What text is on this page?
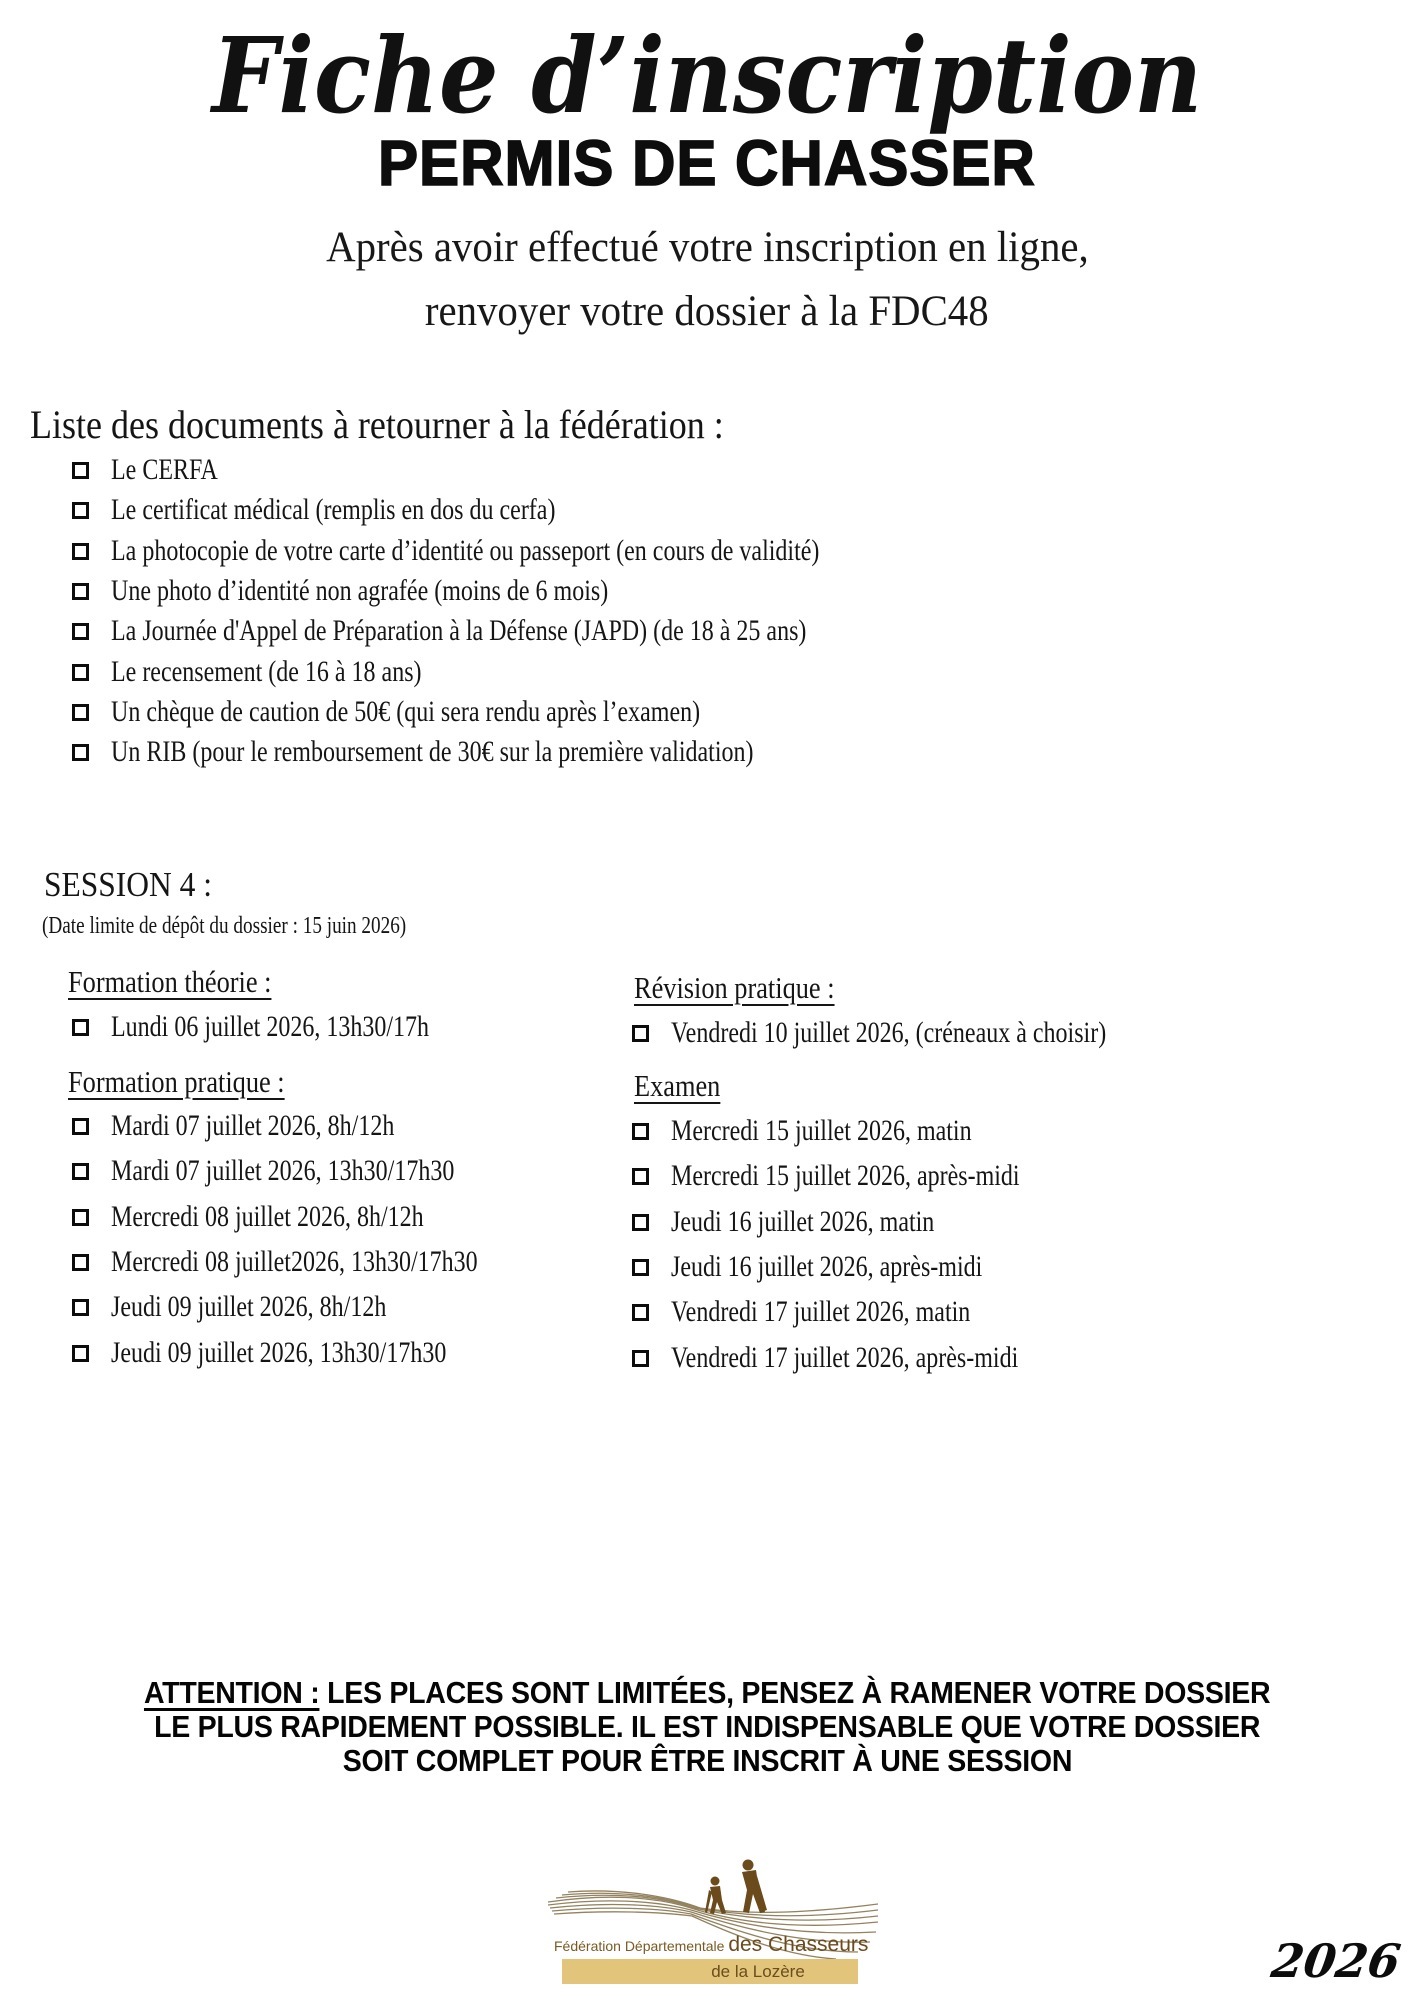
Fiche d’inscription
PERMIS DE CHASSER
Après avoir effectué votre inscription en ligne,
renvoyer votre dossier à la FDC48
Liste des documents à retourner à la fédération :
Le CERFA
Le certificat médical (remplis en dos du cerfa)
La photocopie de votre carte d’identité ou passeport (en cours de validité)
Une photo d’identité non agrafée (moins de 6 mois)
La Journée d'Appel de Préparation à la Défense (JAPD) (de 18 à 25 ans)
Le recensement (de 16 à 18 ans)
Un chèque de caution de 50€ (qui sera rendu après l’examen)
Un RIB (pour le remboursement de 30€ sur la première validation)
SESSION 4 :
(Date limite de dépôt du dossier : 15 juin 2026)
Formation théorie :
Lundi 06 juillet 2026, 13h30/17h
Formation pratique :
Mardi 07 juillet 2026, 8h/12h
Mardi 07 juillet 2026, 13h30/17h30
Mercredi 08 juillet 2026, 8h/12h
Mercredi 08 juillet2026, 13h30/17h30
Jeudi 09 juillet 2026, 8h/12h
Jeudi 09 juillet 2026, 13h30/17h30
Révision pratique :
Vendredi 10 juillet 2026, (créneaux à choisir)
Examen
Mercredi 15 juillet 2026, matin
Mercredi 15 juillet 2026, après-midi
Jeudi 16 juillet 2026, matin
Jeudi 16 juillet 2026, après-midi
Vendredi 17 juillet 2026, matin
Vendredi 17 juillet 2026, après-midi
ATTENTION : LES PLACES SONT LIMITÉES, PENSEZ À RAMENER VOTRE DOSSIER
LE PLUS RAPIDEMENT POSSIBLE. IL EST INDISPENSABLE QUE VOTRE DOSSIER
SOIT COMPLET POUR ÊTRE INSCRIT À UNE SESSION
Fédération Départementale des Chasseurs
de la Lozère	2026
